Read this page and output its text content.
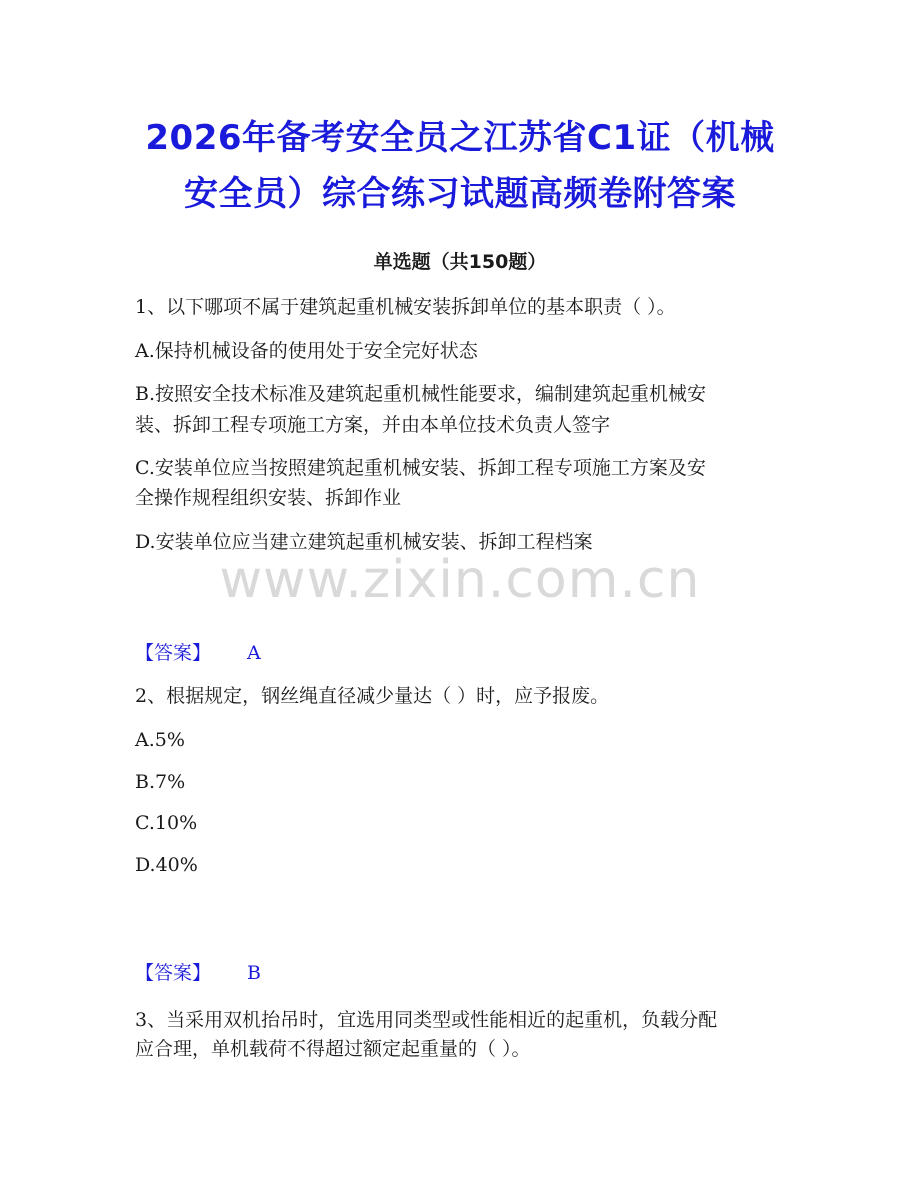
2026年备考安全员之江苏省C1证（机械
安全员）综合练习试题高频卷附答案
单选题（共150题）
1、以下哪项不属于建筑起重机械安装拆卸单位的基本职责（ ）。
A.保持机械设备的使用处于安全完好状态
B.按照安全技术标准及建筑起重机械性能要求，编制建筑起重机械安
装、拆卸工程专项施工方案，并由本单位技术负责人签字
C.安装单位应当按照建筑起重机械安装、拆卸工程专项施工方案及安
全操作规程组织安装、拆卸作业
D.安装单位应当建立建筑起重机械安装、拆卸工程档案
www.zixin.com.cn
【答案】 A
2、根据规定，钢丝绳直径减少量达（ ）时，应予报废。
A.5%
B.7%
C.10%
D.40%
【答案】 B
3、当采用双机抬吊时，宜选用同类型或性能相近的起重机，负载分配
应合理，单机载荷不得超过额定起重量的（ ）。
